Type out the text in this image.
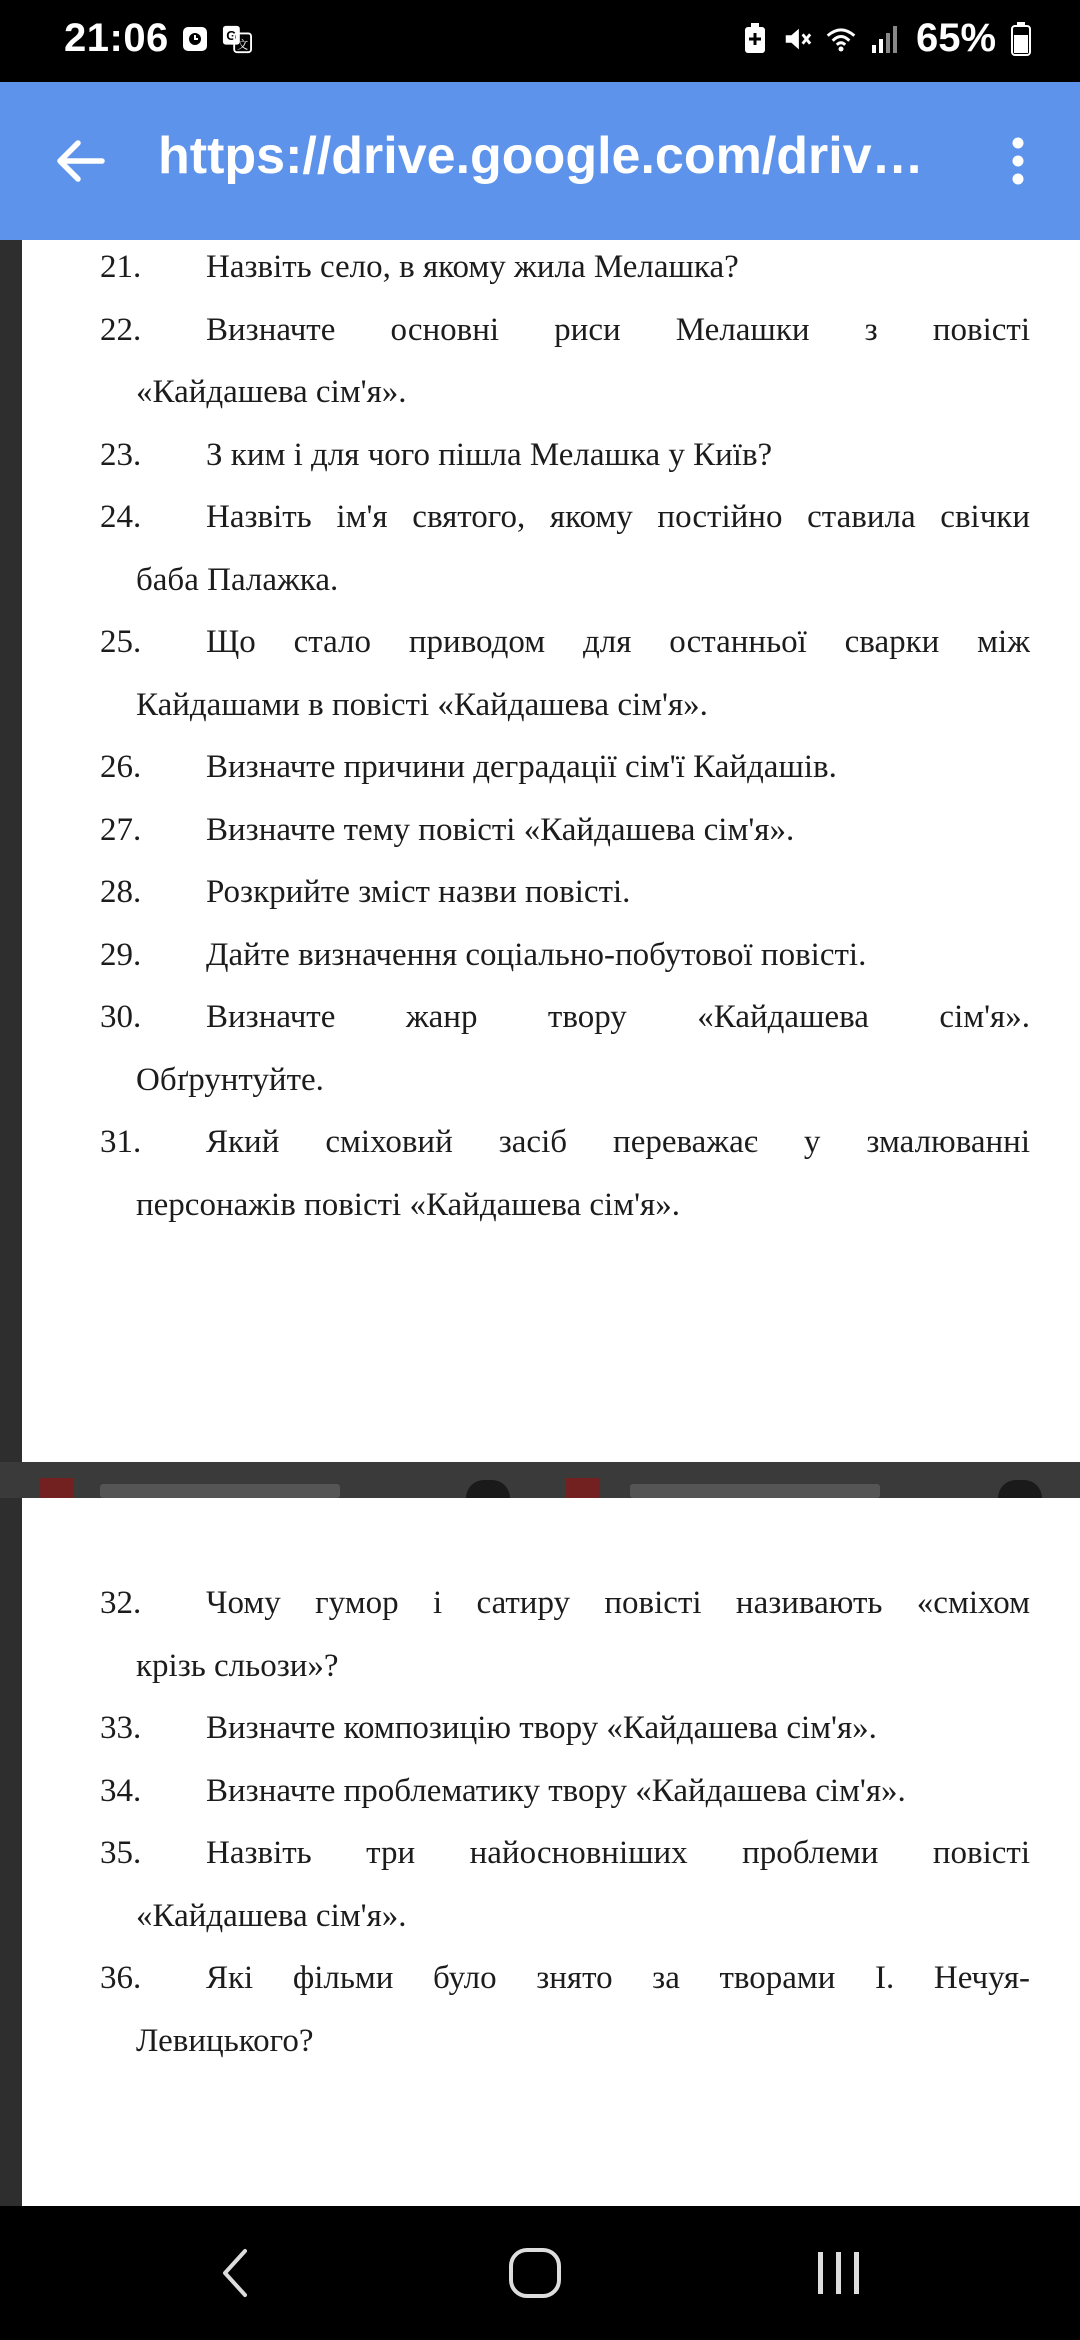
21:06	G
文	65%
https://drive.google.com/driv…
21. Назвіть село, в якому жила Мелашка?
22. Визначте основні риси Мелашки з повісті
«Кайдашева сім'я».
23. З ким і для чого пішла Мелашка у Київ?
24. Назвіть ім'я святого, якому постійно ставила свічки
баба Палажка.
25. Що стало приводом для останньої сварки між
Кайдашами в повісті «Кайдашева сім'я».
26. Визначте причини деградації сім'ї Кайдашів.
27. Визначте тему повісті «Кайдашева сім'я».
28. Розкрийте зміст назви повісті.
29. Дайте визначення соціально-побутової повісті.
30. Визначте жанр твору «Кайдашева сім'я».
Обґрунтуйте.
31. Який сміховий засіб переважає у змалюванні
персонажів повісті «Кайдашева сім'я».
32. Чому гумор і сатиру повісті називають «сміхом
крізь сльози»?
33. Визначте композицію твору «Кайдашева сім'я».
34. Визначте проблематику твору «Кайдашева сім'я».
35. Назвіть три найосновніших проблеми повісті
«Кайдашева сім'я».
36. Які фільми було знято за творами І. Нечуя-
Левицького?
